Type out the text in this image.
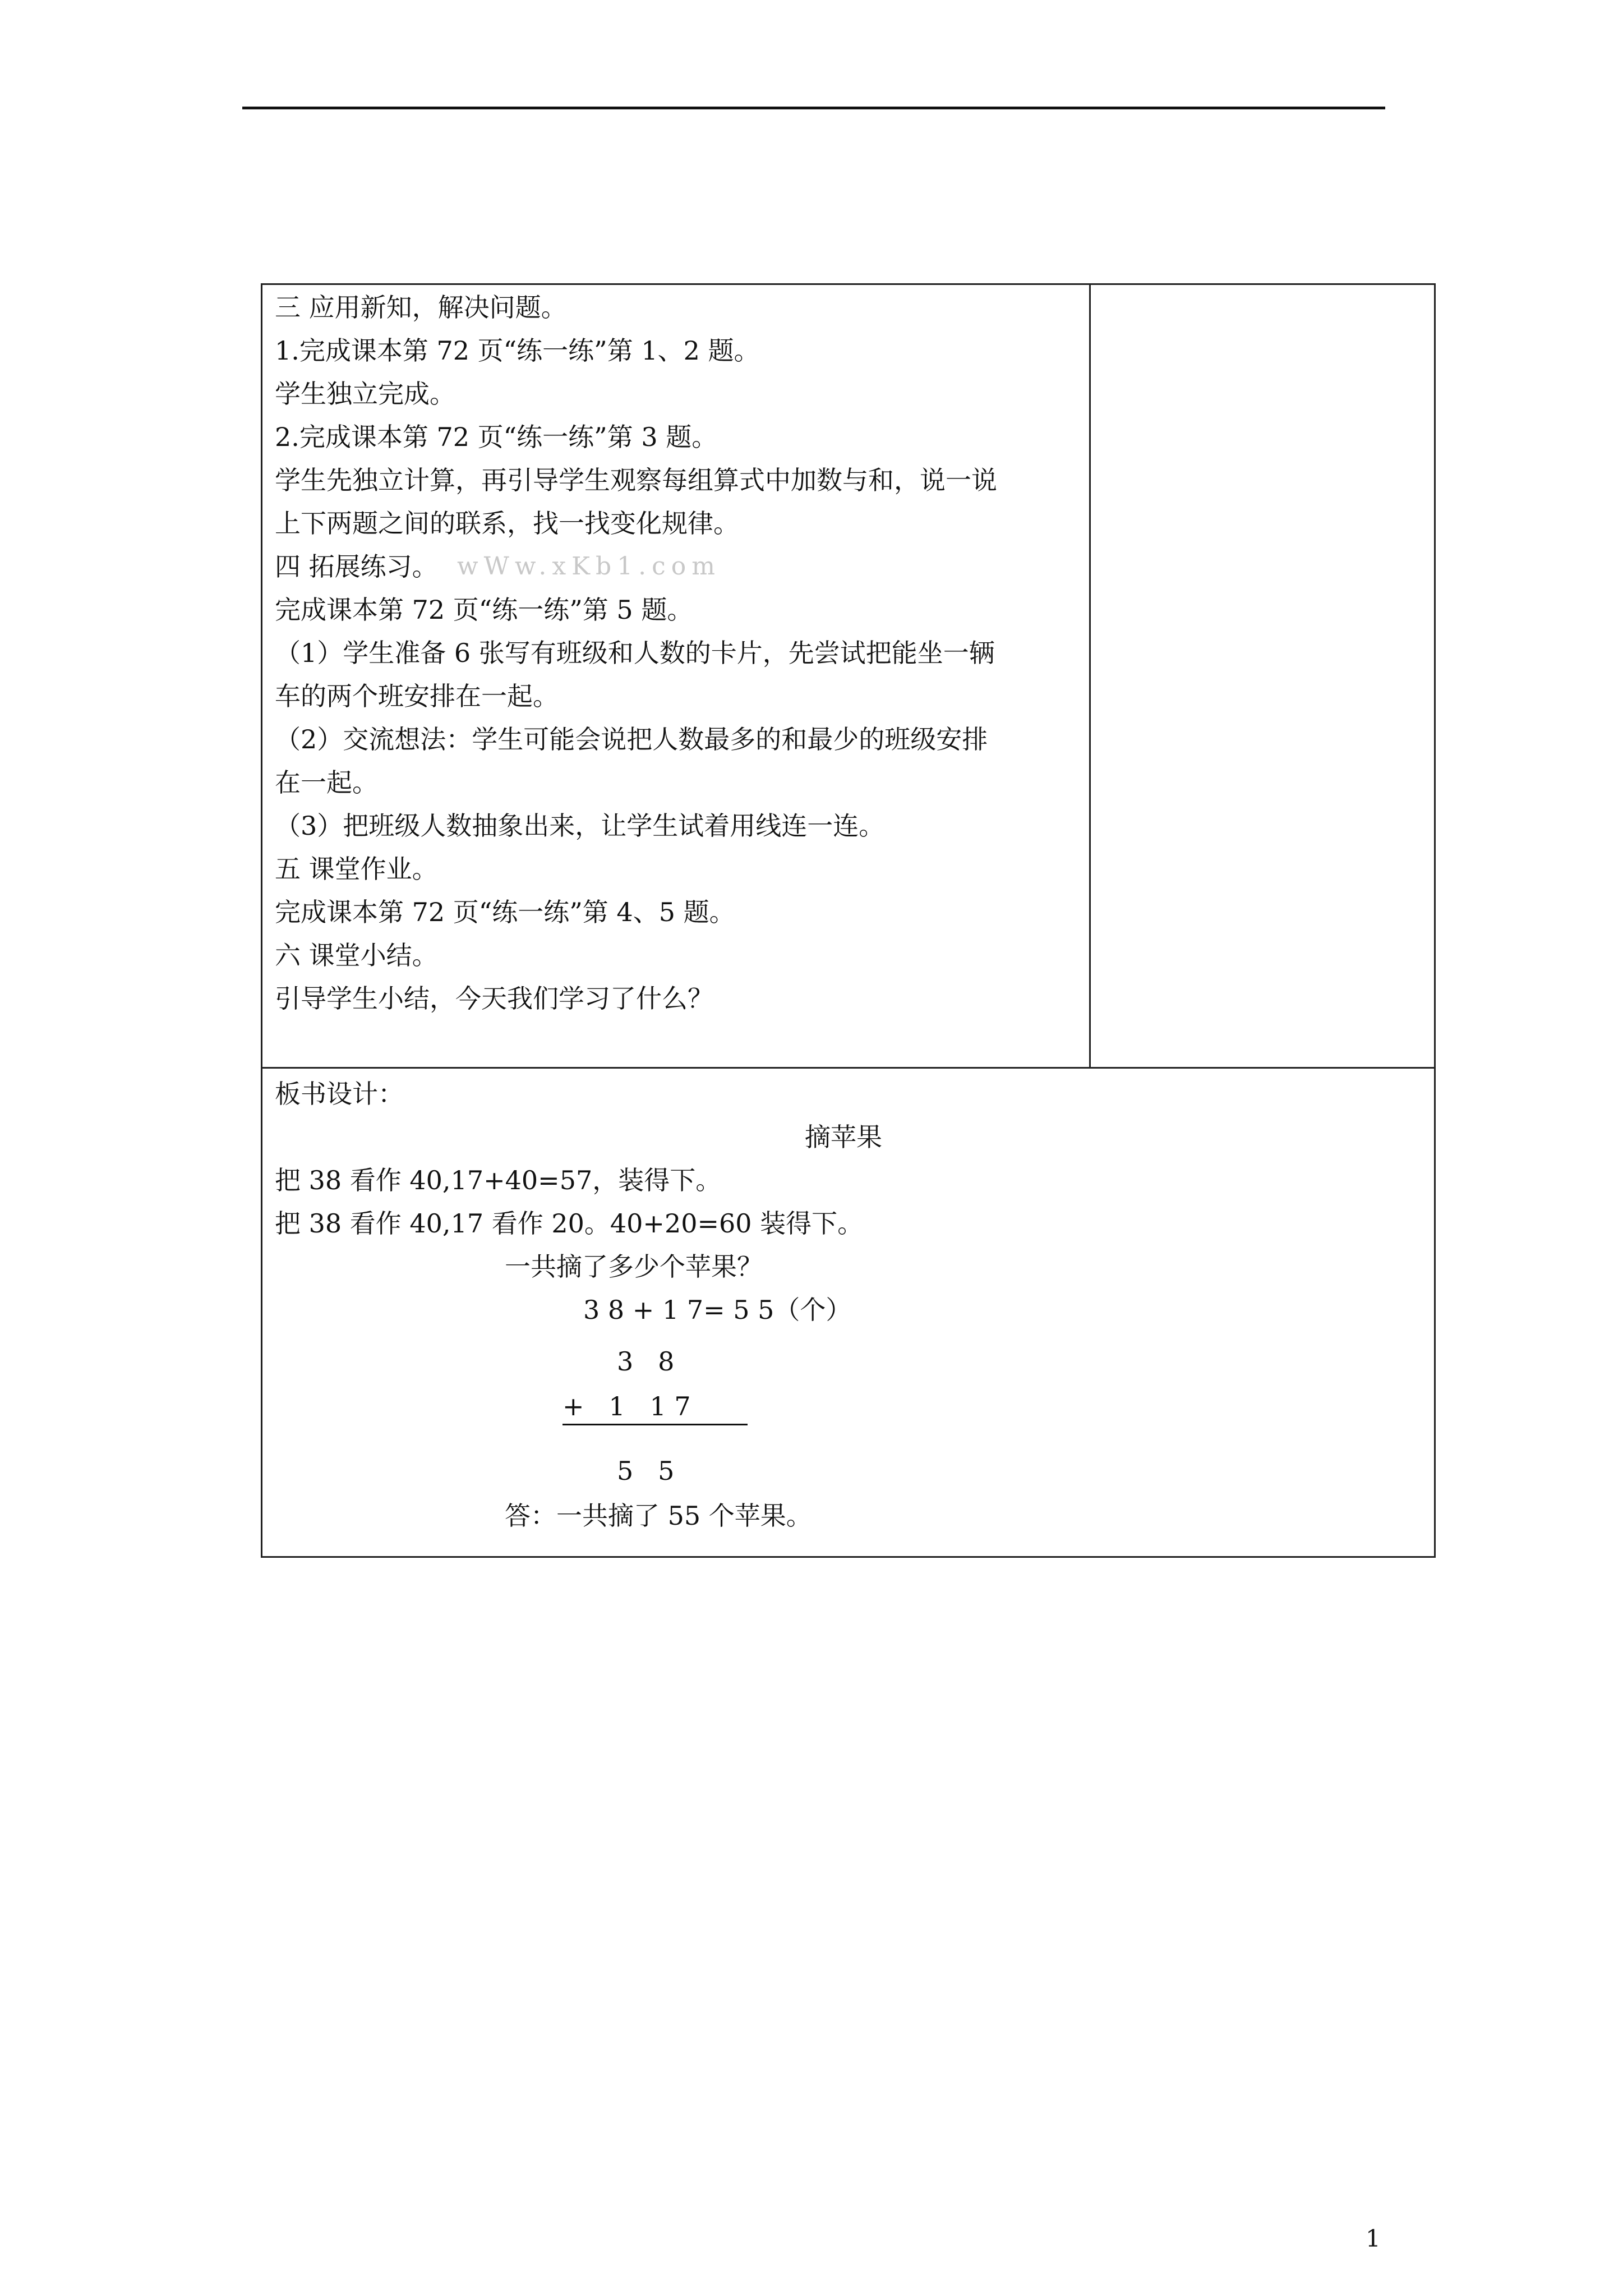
三 应用新知，解决问题。
1.完成课本第 72 页“练一练”第 1、2 题。
学生独立完成。
2.完成课本第 72 页“练一练”第 3 题。
学生先独立计算，再引导学生观察每组算式中加数与和，说一说
上下两题之间的联系，找一找变化规律。
四 拓展练习。 wWw.xKb1.com
完成课本第 72 页“练一练”第 5 题。
（1）学生准备 6 张写有班级和人数的卡片，先尝试把能坐一辆
车的两个班安排在一起。
（2）交流想法：学生可能会说把人数最多的和最少的班级安排
在一起。
（3）把班级人数抽象出来，让学生试着用线连一连。
五 课堂作业。
完成课本第 72 页“练一练”第 4、5 题。
六 课堂小结。
引导学生小结，今天我们学习了什么？
板书设计：
摘苹果
把 38 看作 40,17+40=57，装得下。
把 38 看作 40,17 看作 20。40+20=60 装得下。
一共摘了多少个苹果？
3 8 + 1 7= 5 5（个）
3   8
+   1   1 7
5   5
答：一共摘了 55 个苹果。
1
